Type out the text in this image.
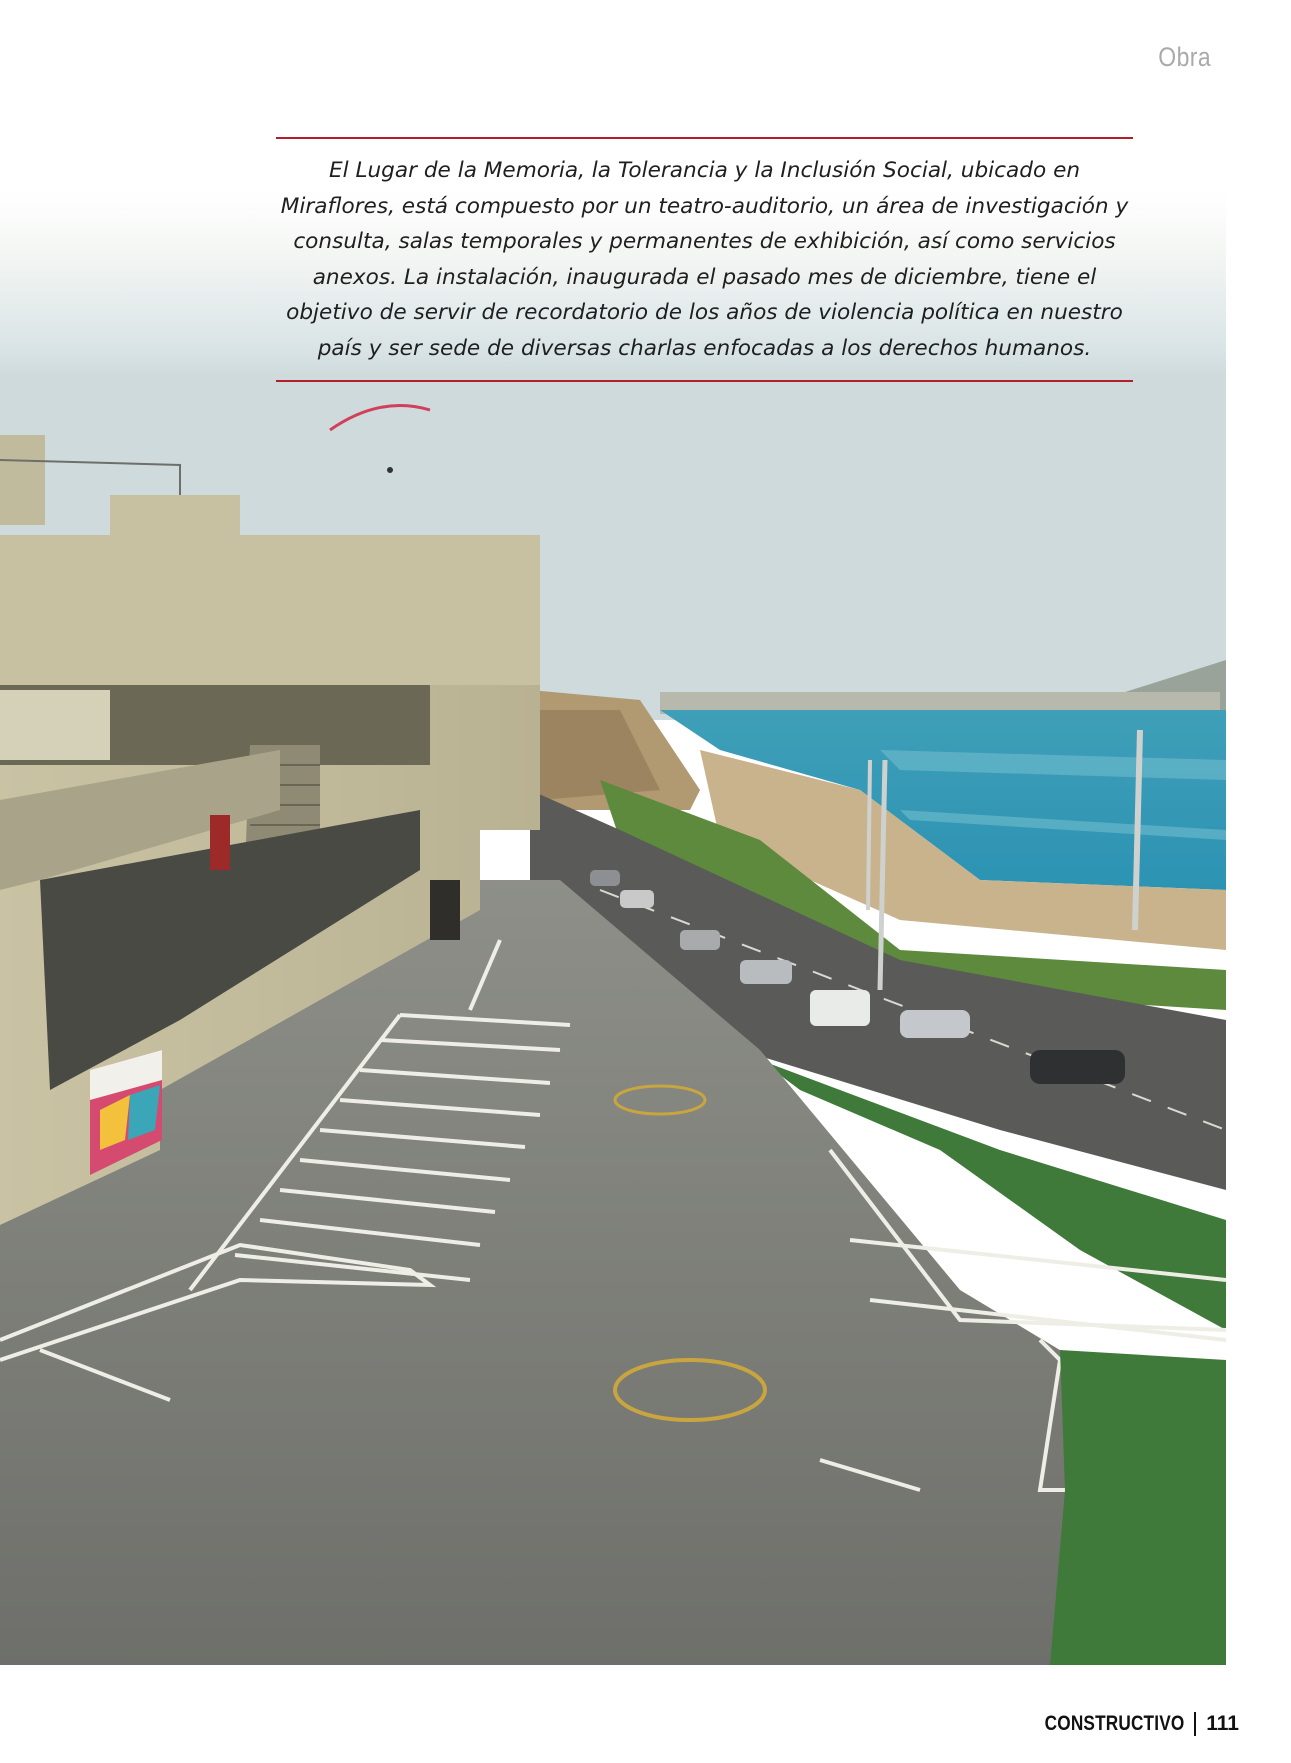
Obra

El Lugar de la Memoria, la Tolerancia y la Inclusión Social, ubicado en Miraflores, está compuesto por un teatro-auditorio, un área de investigación y consulta, salas temporales y permanentes de exhibición, así como servicios anexos. La instalación, inaugurada el pasado mes de diciembre, tiene el objetivo de servir de recordatorio de los años de violencia política en nuestro país y ser sede de diversas charlas enfocadas a los derechos humanos.

CONSTRUCTIVO 111
